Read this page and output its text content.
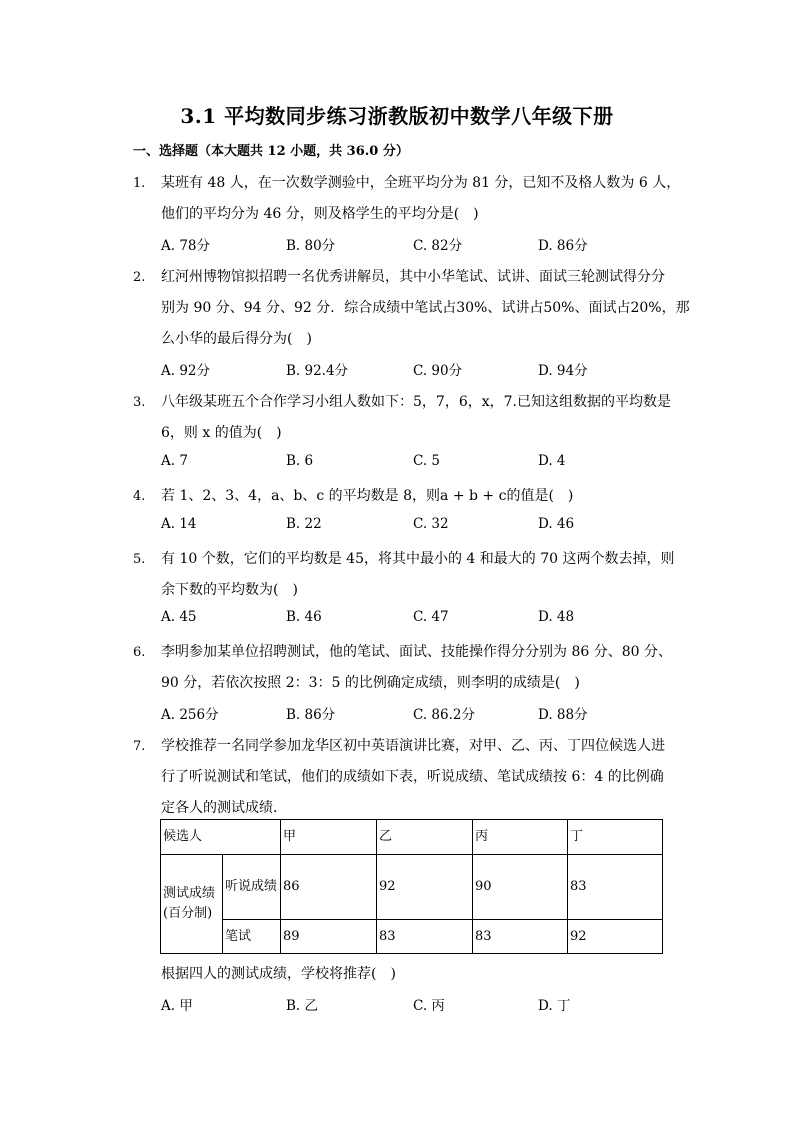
3.1 平均数同步练习浙教版初中数学八年级下册
一、选择题（本大题共 12 小题，共 36.0 分）
1. 某班有 48 人，在一次数学测验中，全班平均分为 81 分，已知不及格人数为 6 人，
他们的平均分为 46 分，则及格学生的平均分是(　)
A. 78分	B. 80分	C. 82分	D. 86分
2. 红河州博物馆拟招聘一名优秀讲解员，其中小华笔试、试讲、面试三轮测试得分分
别为 90 分、94 分、92 分．综合成绩中笔试占30%、试讲占50%、面试占20%，那
么小华的最后得分为(　)
A. 92分	B. 92.4分	C. 90分	D. 94分
3. 八年级某班五个合作学习小组人数如下：5，7，6，x，7.已知这组数据的平均数是
6，则 x 的值为(　)
A. 7	B. 6	C. 5	D. 4
4. 若 1、2、3、4，a、b、c 的平均数是 8，则a + b + c的值是(　)
A. 14	B. 22	C. 32	D. 46
5. 有 10 个数，它们的平均数是 45，将其中最小的 4 和最大的 70 这两个数去掉，则
余下数的平均数为(　)
A. 45	B. 46	C. 47	D. 48
6. 李明参加某单位招聘测试，他的笔试、面试、技能操作得分分别为 86 分、80 分、
90 分，若依次按照 2：3：5 的比例确定成绩，则李明的成绩是(　)
A. 256分	B. 86分	C. 86.2分	D. 88分
7. 学校推荐一名同学参加龙华区初中英语演讲比赛，对甲、乙、丙、丁四位候选人进
行了听说测试和笔试，他们的成绩如下表，听说成绩、笔试成绩按 6：4 的比例确
定各人的测试成绩．
候选人		甲	乙	丙	丁
测试成绩(百分制)	听说成绩	86	92	90	83
	笔试	89	83	83	92
根据四人的测试成绩，学校将推荐(　)
A. 甲	B. 乙	C. 丙	D. 丁
